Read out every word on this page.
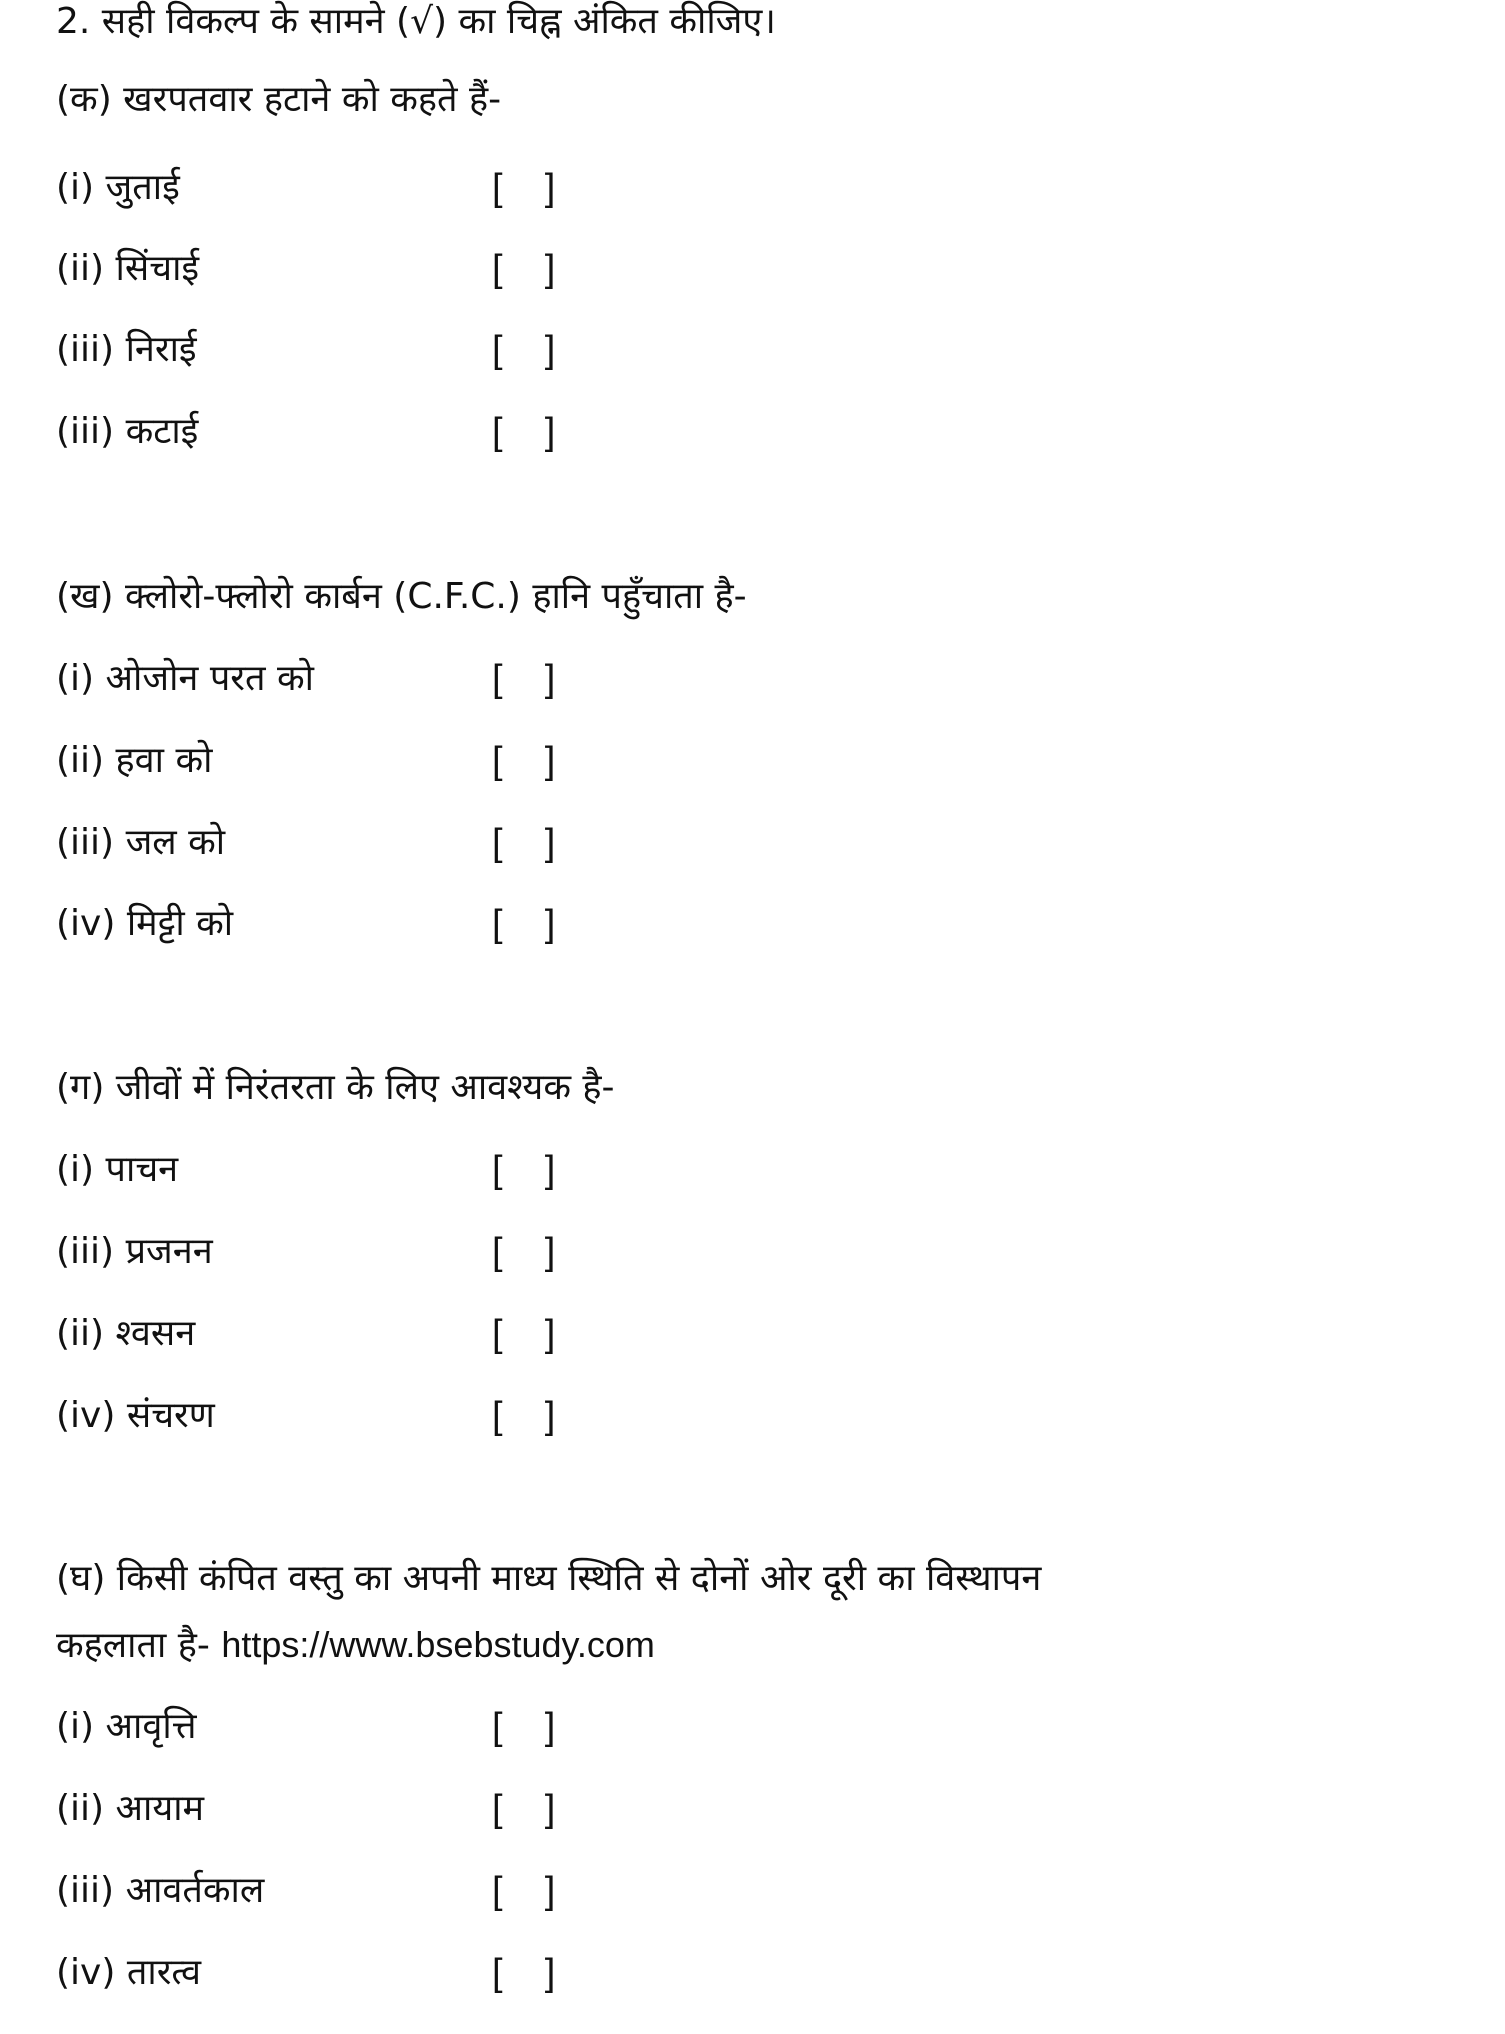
2. सही विकल्प के सामने (√) का चिह्न अंकित कीजिए।
(क) खरपतवार हटाने को कहते हैं-
(i) जुताई	[    ]
(ii) सिंचाई	[    ]
(iii) निराई	[    ]
(iii) कटाई	[    ]
(ख) क्लोरो-फ्लोरो कार्बन (C.F.C.) हानि पहुँचाता है-
(i) ओजोन परत को	[    ]
(ii) हवा को	[    ]
(iii) जल को	[    ]
(iv) मिट्टी को	[    ]
(ग) जीवों में निरंतरता के लिए आवश्यक है-
(i) पाचन	[    ]
(iii) प्रजनन	[    ]
(ii) श्वसन	[    ]
(iv) संचरण	[    ]
(घ) किसी कंपित वस्तु का अपनी माध्य स्थिति से दोनों ओर दूरी का विस्थापन
कहलाता है- https://www.bsebstudy.com
(i) आवृत्ति	[    ]
(ii) आयाम	[    ]
(iii) आवर्तकाल	[    ]
(iv) तारत्व	[    ]
